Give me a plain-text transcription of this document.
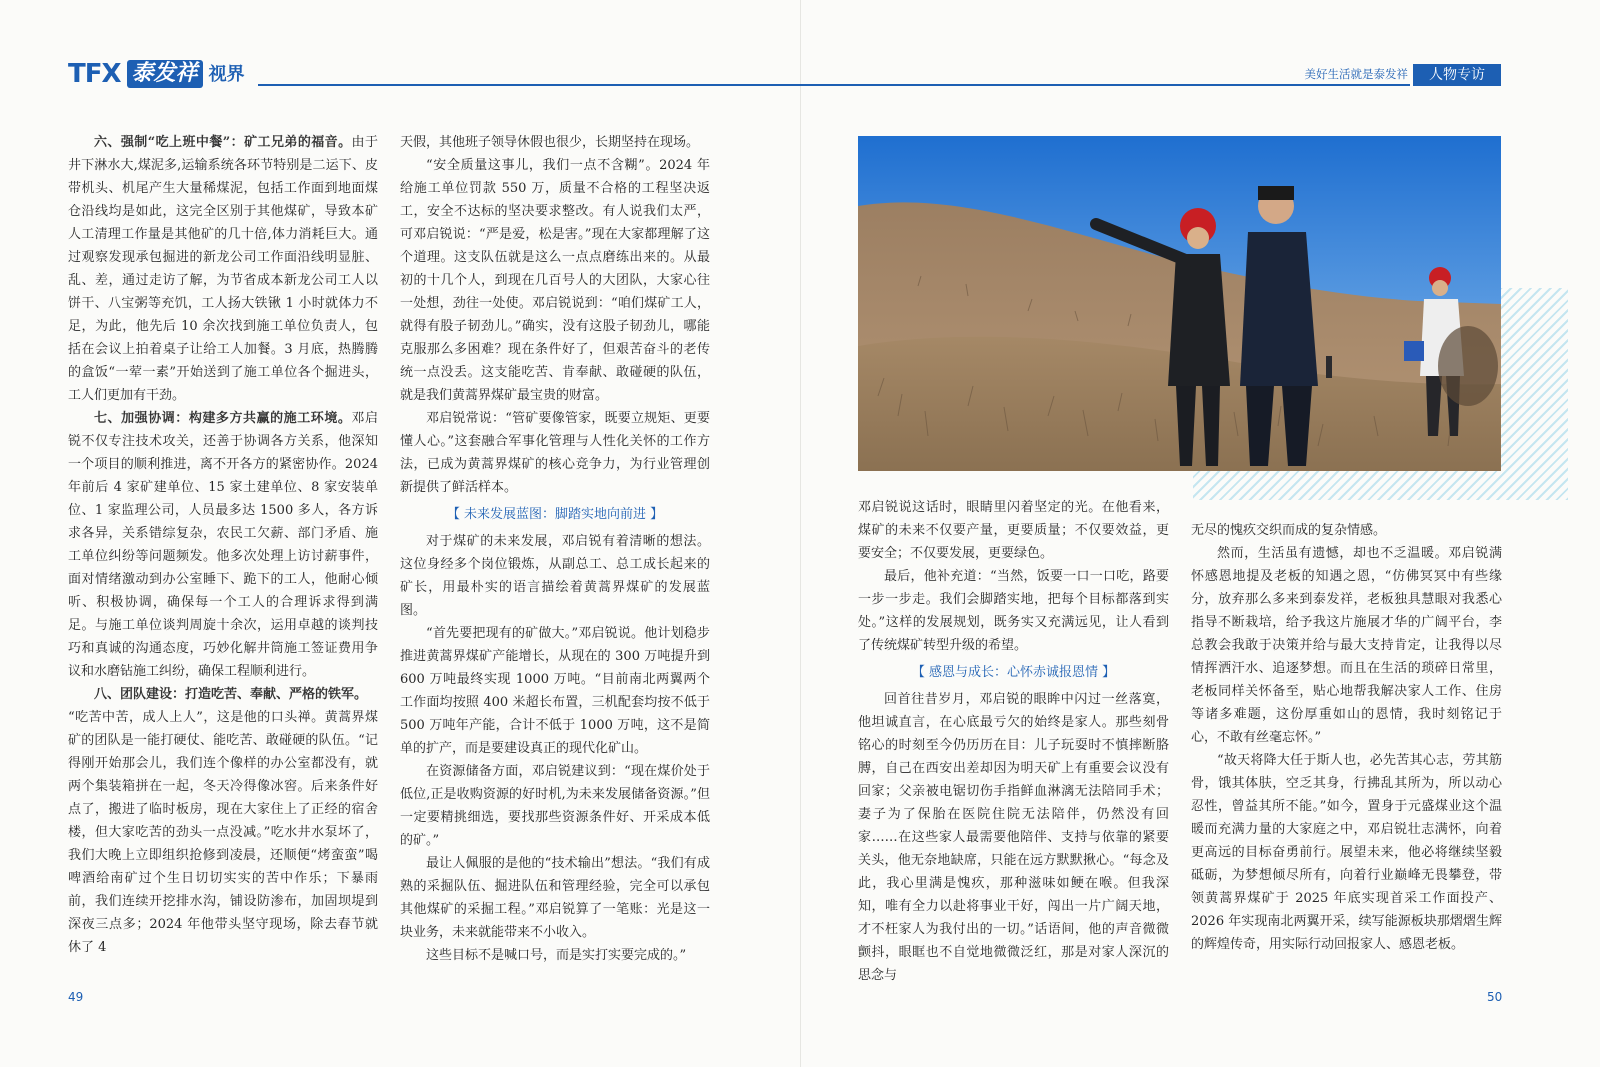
TFX 泰发祥 视界	美好生活就是泰发祥	人物专访

六、强制“吃上班中餐”：矿工兄弟的福音。由于井下淋水大,煤泥多,运输系统各环节特别是二运下、皮带机头、机尾产生大量稀煤泥，包括工作面到地面煤仓沿线均是如此，这完全区别于其他煤矿，导致本矿人工清理工作量是其他矿的几十倍,体力消耗巨大。通过观察发现承包掘进的新龙公司工作面沿线明显脏、乱、差，通过走访了解，为节省成本新龙公司工人以饼干、八宝粥等充饥，工人扬大铁锹 1 小时就体力不足，为此，他先后 10 余次找到施工单位负责人，包括在会议上拍着桌子让给工人加餐。3 月底，热腾腾的盒饭“一荤一素”开始送到了施工单位各个掘进头，工人们更加有干劲。

七、加强协调：构建多方共赢的施工环境。邓启锐不仅专注技术攻关，还善于协调各方关系，他深知一个项目的顺利推进，离不开各方的紧密协作。2024 年前后 4 家矿建单位、15 家土建单位、8 家安装单位、1 家监理公司，人员最多达 1500 多人，各方诉求各异，关系错综复杂，农民工欠薪、部门矛盾、施工单位纠纷等问题频发。他多次处理上访讨薪事件，面对情绪激动到办公室睡下、跪下的工人，他耐心倾听、积极协调，确保每一个工人的合理诉求得到满足。与施工单位谈判周旋十余次，运用卓越的谈判技巧和真诚的沟通态度，巧妙化解井筒施工签证费用争议和水磨钻施工纠纷，确保工程顺利进行。

八、团队建设：打造吃苦、奉献、严格的铁军。

“吃苦中苦，成人上人”，这是他的口头禅。黄蒿界煤矿的团队是一能打硬仗、能吃苦、敢碰硬的队伍。“记得刚开始那会儿，我们连个像样的办公室都没有，就两个集装箱拼在一起，冬天冷得像冰窖。后来条件好点了，搬进了临时板房，现在大家住上了正经的宿舍楼，但大家吃苦的劲头一点没减。”吃水井水泵坏了，我们大晚上立即组织抢修到凌晨，还顺便“烤蛮蛮”喝啤酒给南矿过个生日切切实实的苦中作乐；下暴雨前，我们连续开挖排水沟，铺设防渗布，加固坝堤到深夜三点多；2024 年他带头坚守现场，除去春节就休了 4

天假，其他班子领导休假也很少，长期坚持在现场。

“安全质量这事儿，我们一点不含糊”。2024 年给施工单位罚款 550 万，质量不合格的工程坚决返工，安全不达标的坚决要求整改。有人说我们太严，可邓启锐说：“严是爱，松是害。”现在大家都理解了这个道理。这支队伍就是这么一点点磨练出来的。从最初的十几个人，到现在几百号人的大团队，大家心往一处想，劲往一处使。邓启锐说到：“咱们煤矿工人，就得有股子韧劲儿。”确实，没有这股子韧劲儿，哪能克服那么多困难？现在条件好了，但艰苦奋斗的老传统一点没丢。这支能吃苦、肯奉献、敢碰硬的队伍，就是我们黄蒿界煤矿最宝贵的财富。

邓启锐常说：“管矿要像管家，既要立规矩、更要懂人心。”这套融合军事化管理与人性化关怀的工作方法，已成为黄蒿界煤矿的核心竞争力，为行业管理创新提供了鲜活样本。

【 未来发展蓝图：脚踏实地向前进 】

对于煤矿的未来发展，邓启锐有着清晰的想法。这位身经多个岗位锻炼，从副总工、总工成长起来的矿长，用最朴实的语言描绘着黄蒿界煤矿的发展蓝图。

“首先要把现有的矿做大。”邓启锐说。他计划稳步推进黄蒿界煤矿产能增长，从现在的 300 万吨提升到 600 万吨最终实现 1000 万吨。“目前南北两翼两个工作面均按照 400 米超长布置，三机配套均按不低于 500 万吨年产能，合计不低于 1000 万吨，这不是简单的扩产，而是要建设真正的现代化矿山。

在资源储备方面，邓启锐建议到：“现在煤价处于低位,正是收购资源的好时机,为未来发展储备资源。”但一定要精挑细选，要找那些资源条件好、开采成本低的矿。”

最让人佩服的是他的“技术输出”想法。“我们有成熟的采掘队伍、掘进队伍和管理经验，完全可以承包其他煤矿的采掘工程。”邓启锐算了一笔账：光是这一块业务，未来就能带来不小收入。

这些目标不是喊口号，而是实打实要完成的。”

邓启锐说这话时，眼睛里闪着坚定的光。在他看来，煤矿的未来不仅要产量，更要质量；不仅要效益，更要安全；不仅要发展，更要绿色。

最后，他补充道：“当然，饭要一口一口吃，路要一步一步走。我们会脚踏实地，把每个目标都落到实处。”这样的发展规划，既务实又充满远见，让人看到了传统煤矿转型升级的希望。

【 感恩与成长：心怀赤诚报恩情 】

回首往昔岁月，邓启锐的眼眸中闪过一丝落寞，他坦诚直言，在心底最亏欠的始终是家人。那些刻骨铭心的时刻至今仍历历在目：儿子玩耍时不慎摔断胳膊，自己在西安出差却因为明天矿上有重要会议没有回家；父亲被电锯切伤手指鲜血淋漓无法陪同手术；妻子为了保胎在医院住院无法陪伴，仍然没有回家……在这些家人最需要他陪伴、支持与依靠的紧要关头，他无奈地缺席，只能在远方默默揪心。“每念及此，我心里满是愧疚，那种滋味如鲠在喉。但我深知，唯有全力以赴将事业干好，闯出一片广阔天地，才不枉家人为我付出的一切。”话语间，他的声音微微颤抖，眼眶也不自觉地微微泛红，那是对家人深沉的思念与

无尽的愧疚交织而成的复杂情感。

然而，生活虽有遗憾，却也不乏温暖。邓启锐满怀感恩地提及老板的知遇之恩，“仿佛冥冥中有些缘分，放弃那么多来到泰发祥，老板独具慧眼对我悉心指导不断栽培，给予我这片施展才华的广阔平台，李总教会我敢于决策并给与最大支持肯定，让我得以尽情挥洒汗水、追逐梦想。而且在生活的琐碎日常里，老板同样关怀备至，贴心地帮我解决家人工作、住房等诸多难题，这份厚重如山的恩情，我时刻铭记于心，不敢有丝毫忘怀。”

“故天将降大任于斯人也，必先苦其心志，劳其筋骨，饿其体肤，空乏其身，行拂乱其所为，所以动心忍性，曾益其所不能。”如今，置身于元盛煤业这个温暖而充满力量的大家庭之中，邓启锐壮志满怀，向着更高远的目标奋勇前行。展望未来，他必将继续坚毅砥砺，为梦想倾尽所有，向着行业巅峰无畏攀登，带领黄蒿界煤矿于 2025 年底实现首采工作面投产、2026 年实现南北两翼开采，续写能源板块那熠熠生辉的辉煌传奇，用实际行动回报家人、感恩老板。

49	50
